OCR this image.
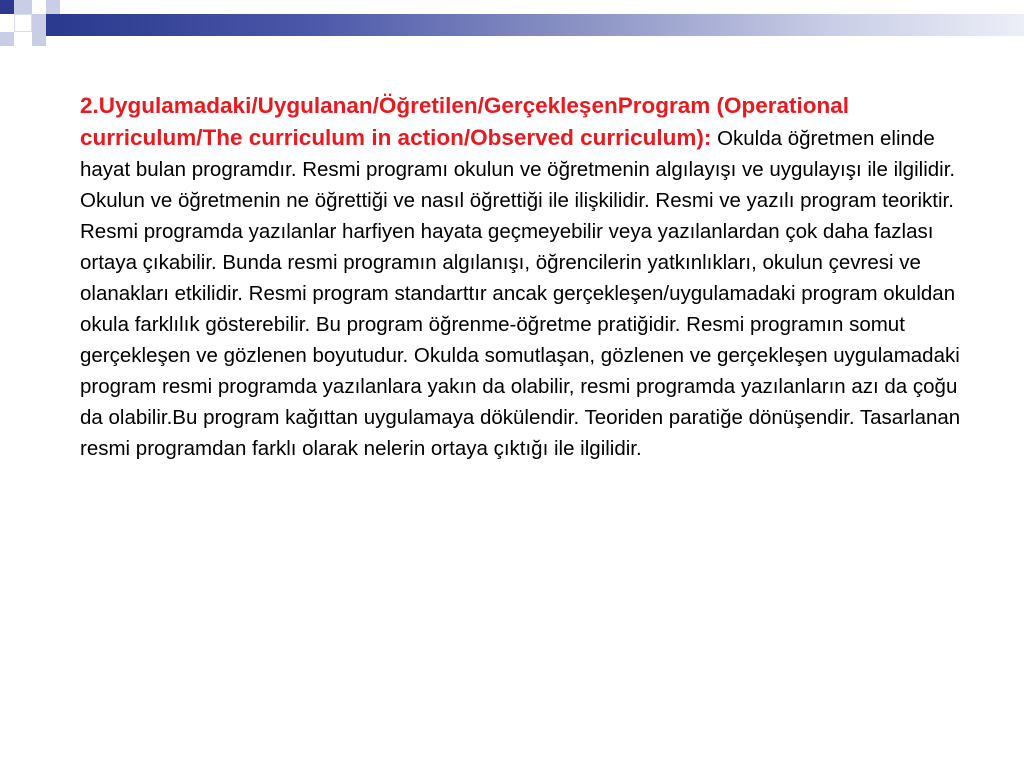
2.Uygulamadaki/Uygulanan/Öğretilen/GerçekleşenProgram (Operational curriculum/The curriculum in action/Observed curriculum): Okulda öğretmen elinde hayat bulan programdır. Resmi programı okulun ve öğretmenin algılayışı ve uygulayışı ile ilgilidir. Okulun ve öğretmenin ne öğrettiği ve nasıl öğrettiği ile ilişkilidir. Resmi ve yazılı program teoriktir. Resmi programda yazılanlar harfiyen hayata geçmeyebilir veya yazılanlardan çok daha fazlası ortaya çıkabilir. Bunda resmi programın algılanışı, öğrencilerin yatkınlıkları, okulun çevresi ve olanakları etkilidir. Resmi program standarttır ancak gerçekleşen/uygulamadaki program okuldan okula farklılık gösterebilir. Bu program öğrenme-öğretme pratiğidir. Resmi programın somut gerçekleşen ve gözlenen boyutudur. Okulda somutlaşan, gözlenen ve gerçekleşen uygulamadaki program resmi programda yazılanlara yakın da olabilir, resmi programda yazılanların azı da çoğu da olabilir.Bu program kağıttan uygulamaya dökülendir. Teoriden paratiğe dönüşendir. Tasarlanan resmi programdan farklı olarak nelerin ortaya çıktığı ile ilgilidir.
